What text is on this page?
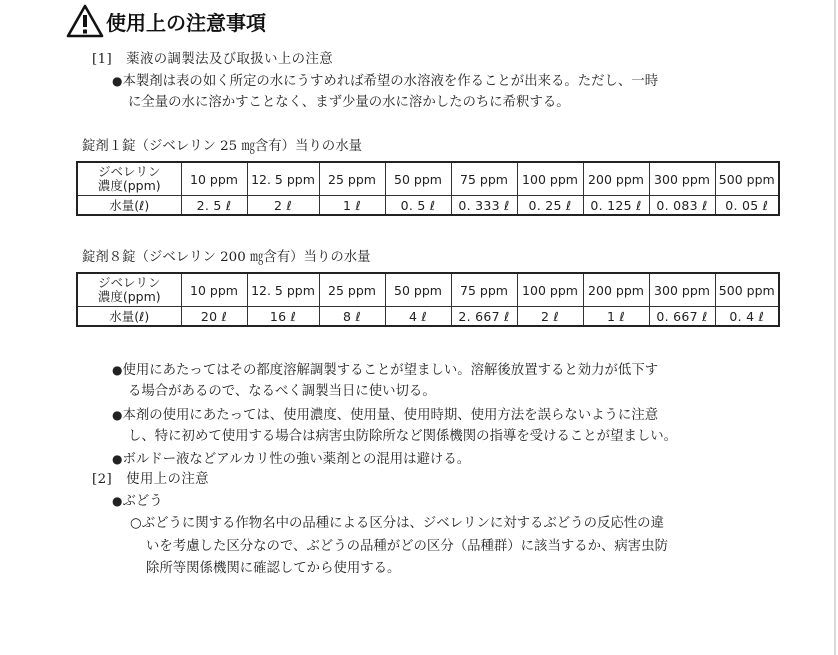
使用上の注意事項
[1] 薬液の調製法及び取扱い上の注意
●本製剤は表の如く所定の水にうすめれば希望の水溶液を作ることが出来る。ただし、一時
に全量の水に溶かすことなく、まず少量の水に溶かしたのちに希釈する。
錠剤１錠（ジベレリン 25 ㎎含有）当りの水量
ジベレリン
濃度(ppm)	10 ppm	12. 5 ppm	25 ppm	50 ppm	75 ppm	100 ppm	200 ppm	300 ppm	500 ppm
水量(ℓ)	2. 5 ℓ	2 ℓ	1 ℓ	0. 5 ℓ	0. 333 ℓ	0. 25 ℓ	0. 125 ℓ	0. 083 ℓ	0. 05 ℓ
錠剤８錠（ジベレリン 200 ㎎含有）当りの水量
ジベレリン
濃度(ppm)	10 ppm	12. 5 ppm	25 ppm	50 ppm	75 ppm	100 ppm	200 ppm	300 ppm	500 ppm
水量(ℓ)	20 ℓ	16 ℓ	8 ℓ	4 ℓ	2. 667 ℓ	2 ℓ	1 ℓ	0. 667 ℓ	0. 4 ℓ
●使用にあたってはその都度溶解調製することが望ましい。溶解後放置すると効力が低下す
る場合があるので、なるべく調製当日に使い切る。
●本剤の使用にあたっては、使用濃度、使用量、使用時期、使用方法を誤らないように注意
し、特に初めて使用する場合は病害虫防除所など関係機関の指導を受けることが望ましい。
●ボルドー液などアルカリ性の強い薬剤との混用は避ける。
[2] 使用上の注意
●ぶどう
○ぶどうに関する作物名中の品種による区分は、ジベレリンに対するぶどうの反応性の違
いを考慮した区分なので、ぶどうの品種がどの区分（品種群）に該当するか、病害虫防
除所等関係機関に確認してから使用する。
